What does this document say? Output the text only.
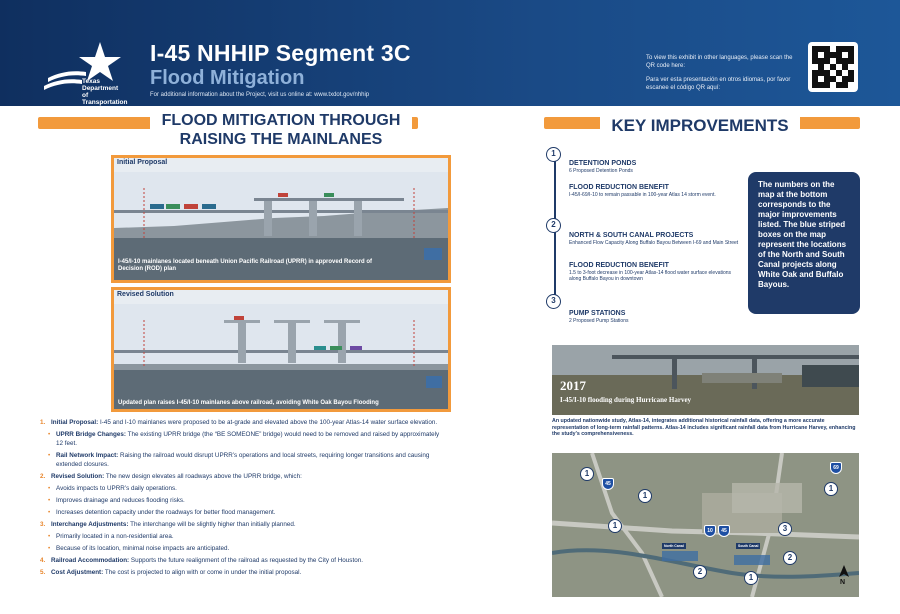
Texas Department of Transportation
I-45 NHHIP Segment 3C
Flood Mitigation
For additional information about the Project, visit us online at: www.txdot.gov/nhhip

To view this exhibit in other languages, please scan the QR code here:

Para ver esta presentación en otros idiomas, por favor escanee el código QR aquí:

FLOOD MITIGATION THROUGH RAISING THE MAINLANES
Initial Proposal
I-45/I-10 mainlanes located beneath Union Pacific Railroad (UPRR) in approved Record of Decision (ROD) plan
Revised Solution
Updated plan raises I-45/I-10 mainlanes above railroad, avoiding White Oak Bayou Flooding
1. Initial Proposal: I-45 and I-10 mainlanes were proposed to be at-grade and elevated above the 100-year Atlas-14 water surface elevation.
• UPRR Bridge Changes: The existing UPRR bridge (the “BE SOMEONE” bridge) would need to be removed and raised by approximately 12 feet.
• Rail Network Impact: Raising the railroad would disrupt UPRR’s operations and local streets, requiring longer transitions and causing extended closures.
2. Revised Solution: The new design elevates all roadways above the UPRR bridge, which:
• Avoids impacts to UPRR’s daily operations.
• Improves drainage and reduces flooding risks.
• Increases detention capacity under the roadways for better flood management.
3. Interchange Adjustments: The interchange will be slightly higher than initially planned.
• Primarily located in a non-residential area.
• Because of its location, minimal noise impacts are anticipated.
4. Railroad Accommodation: Supports the future realignment of the railroad as requested by the City of Houston.
5. Cost Adjustment: The cost is projected to align with or come in under the initial proposal.
KEY IMPROVEMENTS
1
2
3
DETENTION PONDS
6 Proposed Detention Ponds
FLOOD REDUCTION BENEFIT
I-45/I-69/I-10 to remain passable in 100-year Atlas 14 storm event.
NORTH & SOUTH CANAL PROJECTS
Enhanced Flow Capacity Along Buffalo Bayou Between I-69 and Main Street
FLOOD REDUCTION BENEFIT
1.5 to 3-foot decrease in 100-year Atlas-14 flood water surface elevations along Buffalo Bayou in downtown
PUMP STATIONS
2 Proposed Pump Stations
The numbers on the map at the bottom corresponds to the major improvements listed. The blue striped boxes on the map represent the locations of the North and South Canal projects along White Oak and Buffalo Bayous.
2017
I-45/I-10 flooding during Hurricane Harvey
An updated nationwide study, Atlas-14, integrates additional historical rainfall data, offering a more accurate representation of long-term rainfall patterns. Atlas-14 includes significant rainfall data from Hurricane Harvey, enhancing the study’s comprehensiveness.
1
1
1
1	3
2
2
1
45
10	45
69
North Canal	South Canal
N
